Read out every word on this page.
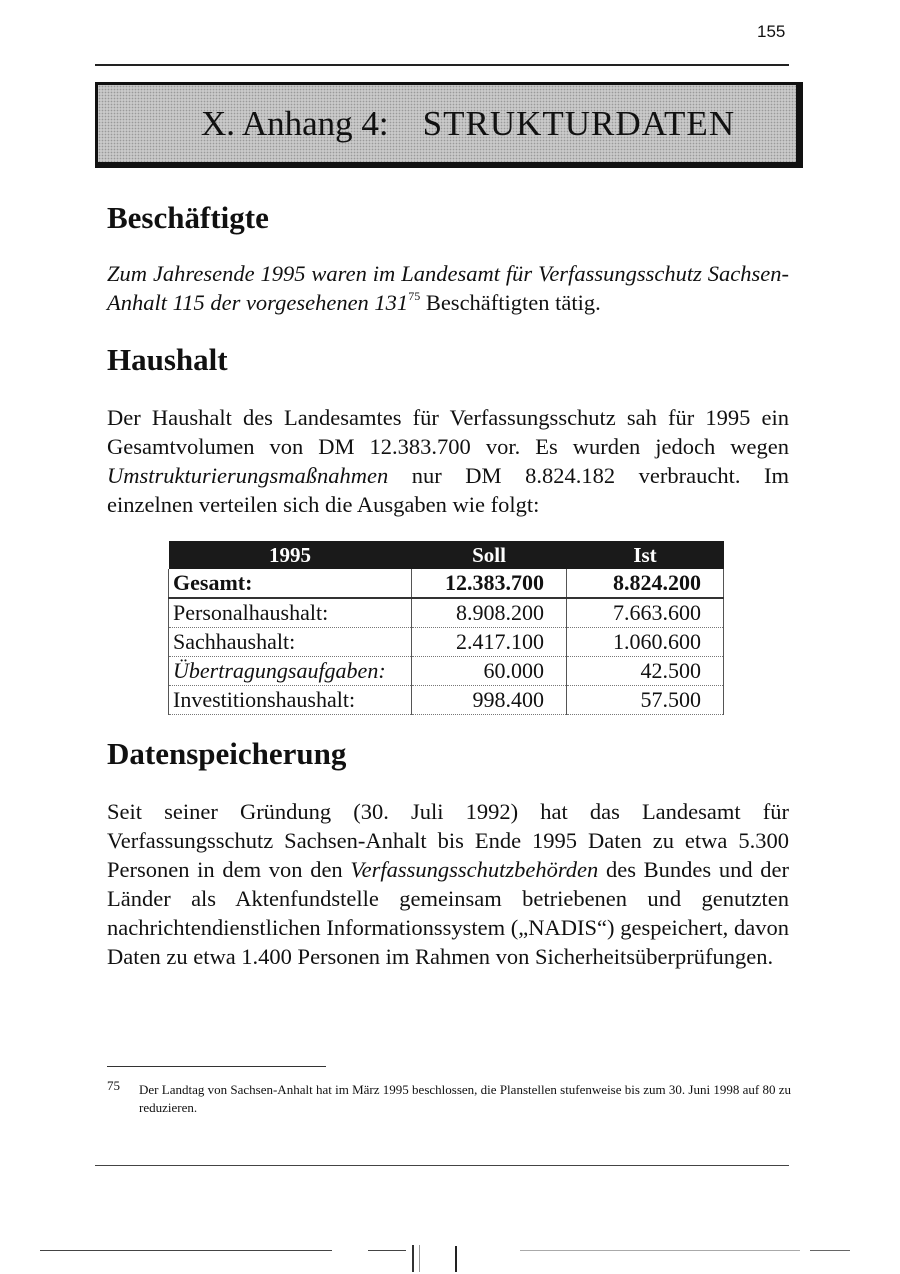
155
X. Anhang 4: STRUKTURDATEN
Beschäftigte

Zum Jahresende 1995 waren im Landesamt für Verfassungsschutz Sachsen-Anhalt 115 der vorgesehenen $131^{75}$ Beschäftigten tätig.

Haushalt

Der Haushalt des Landesamtes für Verfassungsschutz sah für 1995 ein Gesamtvolumen von DM 12.383.700 vor. Es wurden jedoch wegen Umstrukturierungsmaßnahmen nur DM 8.824.182 verbraucht. Im einzelnen verteilen sich die Ausgaben wie folgt:

1995	Soll	Ist
Gesamt:	12.383.700	8.824.200
Personalhaushalt:	8.908.200	7.663.600
Sachhaushalt:	2.417.100	1.060.600
Übertragungsaufgaben:	60.000	42.500
Investitionshaushalt:	998.400	57.500
Datenspeicherung

Seit seiner Gründung (30. Juli 1992) hat das Landesamt für Verfassungsschutz Sachsen-Anhalt bis Ende 1995 Daten zu etwa 5.300 Personen in dem von den Verfassungsschutzbehörden des Bundes und der Länder als Aktenfundstelle gemeinsam betriebenen und genutzten nachrichtendienstlichen Informationssystem („NADIS“) gespeichert, davon Daten zu etwa 1.400 Personen im Rahmen von Sicherheitsüberprüfungen.

75 Der Landtag von Sachsen-Anhalt hat im März 1995 beschlossen, die Planstellen stufenweise bis zum 30. Juni 1998 auf 80 zu reduzieren.
